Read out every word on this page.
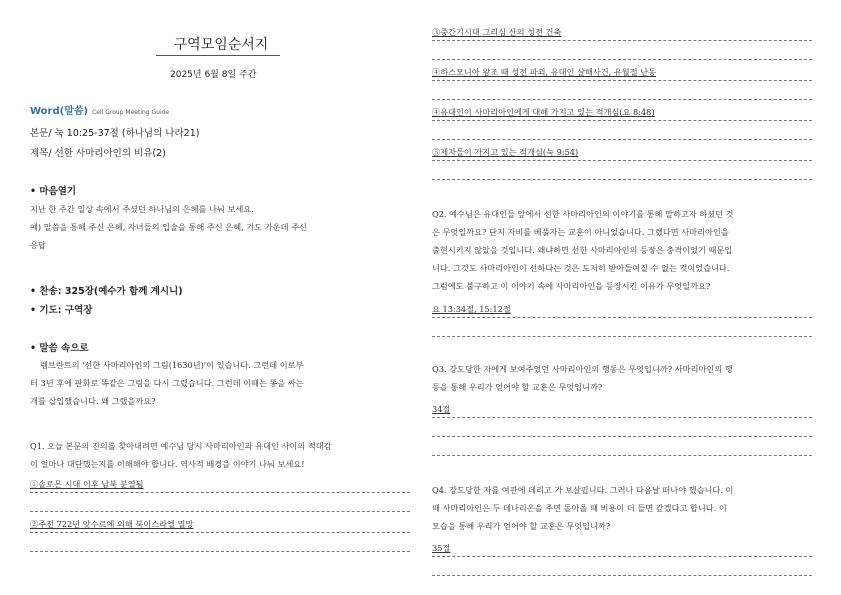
구역모임순서지
2025년 6월 8일 주간
Word(말씀) Cell Group Meeting Guide
본문/ 눅 10:25-37절 (하나님의 나라21)
제목/ 선한 사마리아인의 비유(2)
• 마음열기
지난 한 주간 일상 속에서 주셨던 하나님의 은혜를 나눠 보세요.
예) 말씀을 통해 주신 은혜, 자녀들의 입술을 통해 주신 은혜, 기도 가운데 주신
응답
• 찬송: 325장(예수가 함께 계시니)
• 기도: 구역장
• 말씀 속으로
렘브란트의 '선한 사마리아인의 그림(1630년)'이 있습니다. 그런데 이로부
터 3년 후에 판화로 똑같은 그림을 다시 그렸습니다. 그런데 이때는 똥을 싸는
개를 삽입했습니다. 왜 그랬을까요?
Q1. 오늘 본문의 진의를 찾아내려면 예수님 당시 사마리아인과 유대인 사이의 적대감
이 얼마나 대단했는지를 이해해야 합니다. 역사적 배경을 이야기 나눠 보세요!
①솔로몬 시대 이후 남북 분열됨
②주전 722년 앗수르에 의해 북이스라엘 멸망
③중간기시대 그리심 산의 성전 건축
④하스모니아 왕조 때 성전 파괴, 유대인 살해사건, 유월절 난동
④유대인이 사마리아인에게 대해 가지고 있는 적개심(요 8:48)
⑤제자들이 가지고 있는 적개심(눅 9:54)
Q2. 예수님은 유대인들 앞에서 선한 사마리아인의 이야기를 통해 말하고자 하셨던 것
은 무엇일까요? 단지 자비를 베풀자는 교훈이 아니었습니다. 그랬다면 사마리아인을
출현시키지 않았을 것입니다. 왜냐하면 선한 사마리아인의 등장은 충격이었기 때문입
니다. 그것도 사마리아인이 선하다는 것은 도저히 받아들여질 수 없는 것이었습니다.
그럼에도 불구하고 이 이야기 속에 사마리아인을 등장시킨 이유가 무엇일까요?
요 13:34절, 15:12절
Q3. 강도당한 자에게 보여주었던 사마리아인의 행동은 무엇입니까? 사마리아인의 행
동을 통해 우리가 얻어야 할 교훈은 무엇입니까?
34절
Q4. 강도당한 자를 여관에 데리고 가 보살핍니다. 그러나 다음날 떠나야 했습니다. 이
때 사마리아인은 두 데나리온을 주면 돌아올 때 비용이 더 들면 갚겠다고 합니다. 이
모습을 통해 우리가 얻어야 할 교훈은 무엇입니까?
35절
